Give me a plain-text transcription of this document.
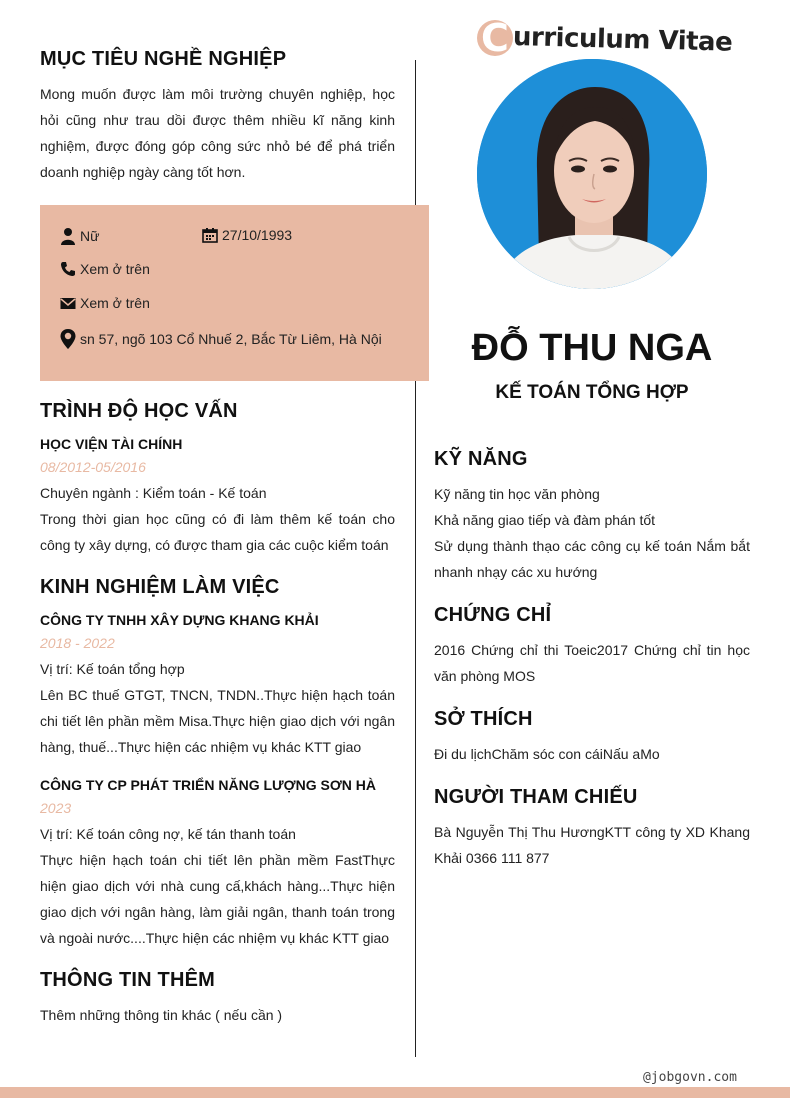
C urriculum Vitae
ĐỖ THU NGA
KẾ TOÁN TỔNG HỢP
MỤC TIÊU NGHỀ NGHIỆP

Mong muốn được làm môi trường chuyên nghiệp, học hỏi cũng như trau dồi được thêm nhiều kĩ năng kinh nghiệm, được đóng góp công sức nhỏ bé để phá triển doanh nghiệp ngày càng tốt hơn.

Nữ	27/10/1993
Xem ở trên
Xem ở trên
sn 57, ngõ 103 Cổ Nhuế 2, Bắc Từ Liêm, Hà Nội
TRÌNH ĐỘ HỌC VẤN

HỌC VIỆN TÀI CHÍNH

08/2012-05/2016

Chuyên ngành : Kiểm toán - Kế toán

Trong thời gian học cũng có đi làm thêm kế toán cho công ty xây dựng, có được tham gia các cuộc kiểm toán

KINH NGHIỆM LÀM VIỆC

CÔNG TY TNHH XÂY DỰNG KHANG KHẢI

2018 - 2022

Vị trí: Kế toán tổng hợp

Lên BC thuế GTGT, TNCN, TNDN..Thực hiện hạch toán chi tiết lên phần mềm Misa.Thực hiện giao dịch với ngân hàng, thuế...Thực hiện các nhiệm vụ khác KTT giao

CÔNG TY CP PHÁT TRIỂN NĂNG LƯỢNG SƠN HÀ

2023

Vị trí: Kế toán công nợ, kế tán thanh toán

Thực hiện hạch toán chi tiết lên phần mềm FastThực hiện giao dịch với nhà cung cấ,khách hàng...Thực hiện giao dịch với ngân hàng, làm giải ngân, thanh toán trong và ngoài nước....Thực hiện các nhiệm vụ khác KTT giao

THÔNG TIN THÊM

Thêm những thông tin khác ( nếu cần )

KỸ NĂNG

Kỹ năng tin học văn phòng

Khả năng giao tiếp và đàm phán tốt

Sử dụng thành thạo các công cụ kế toán Nắm bắt nhanh nhạy các xu hướng

CHỨNG CHỈ

2016 Chứng chỉ thi Toeic2017 Chứng chỉ tin học văn phòng MOS

SỞ THÍCH

Đi du lịchChăm sóc con cáiNấu aMo

NGƯỜI THAM CHIẾU

Bà Nguyễn Thị Thu HươngKTT công ty XD Khang Khải 0366 111 877

@jobgovn.com
